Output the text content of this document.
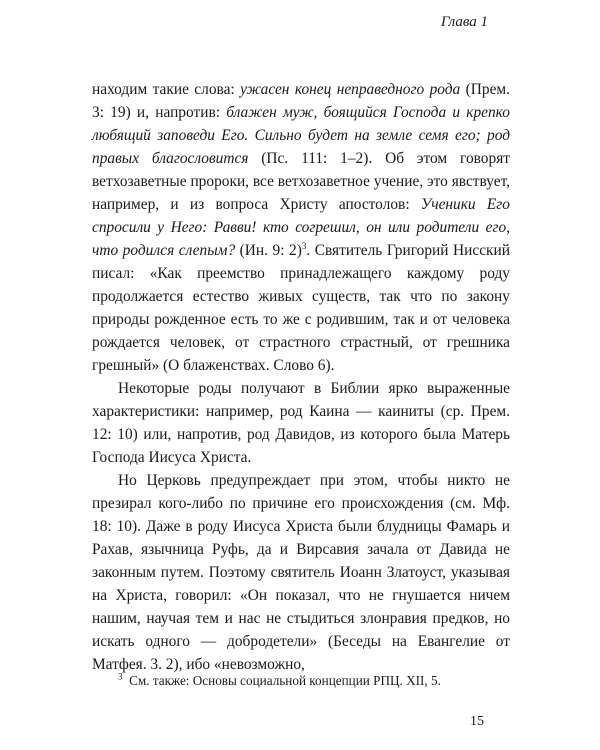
Глава 1

находим такие слова: ужасен конец неправедного рода (Прем. 3: 19) и, напротив: блажен муж, боящийся Господа и крепко любящий заповеди Его. Сильно будет на земле семя его; род правых благословится (Пс. 111: 1–2). Об этом говорят ветхозаветные пророки, все ветхозаветное учение, это явствует, например, и из вопроса Христу апостолов: Ученики Его спросили у Него: Равви! кто согрешил, он или родители его, что родился слепым? (Ин. 9: 2)$^3$. Святитель Григорий Нисский писал: «Как преемство принадлежащего каждому роду продолжается естество живых существ, так что по закону природы рожденное есть то же с родившим, так и от человека рождается человек, от страстного страстный, от грешника грешный» (О блаженствах. Слово 6).

Некоторые роды получают в Библии ярко выраженные характеристики: например, род Каина — каиниты (ср. Прем. 12: 10) или, напротив, род Давидов, из которого была Матерь Господа Иисуса Христа.

Но Церковь предупреждает при этом, чтобы никто не презирал кого-либо по причине его происхождения (см. Мф. 18: 10). Даже в роду Иисуса Христа были блудницы Фамарь и Рахав, язычница Руфь, да и Вирсавия зачала от Давида не законным путем. Поэтому святитель Иоанн Златоуст, указывая на Христа, говорил: «Он показал, что не гнушается ничем нашим, научая тем и нас не стыдиться злонравия предков, но искать одного — добродетели» (Беседы на Евангелие от Матфея. 3. 2), ибо «невозможно,

$^3$ См. также: Основы социальной концепции РПЦ. XII, 5.
15
